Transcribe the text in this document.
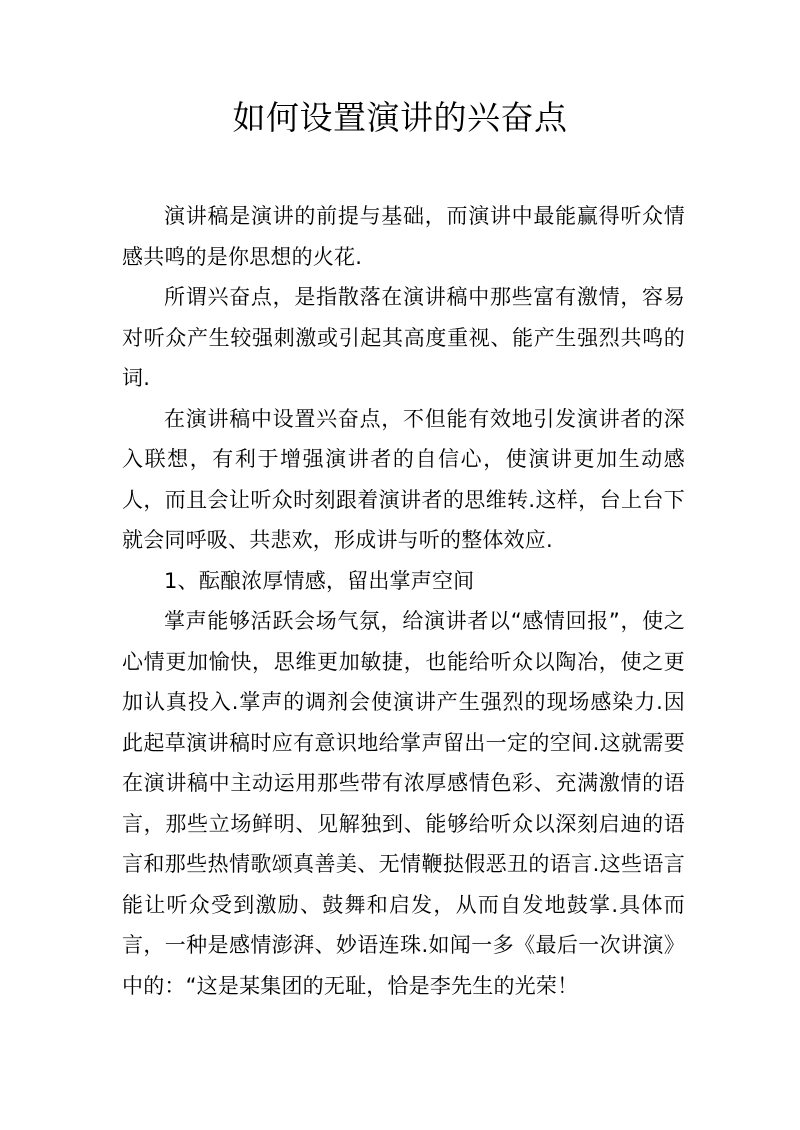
如何设置演讲的兴奋点

演讲稿是演讲的前提与基础，而演讲中最能赢得听众情感共鸣的是你思想的火花.

所谓兴奋点，是指散落在演讲稿中那些富有激情，容易对听众产生较强刺激或引起其高度重视、能产生强烈共鸣的词.

在演讲稿中设置兴奋点，不但能有效地引发演讲者的深入联想，有利于增强演讲者的自信心，使演讲更加生动感人，而且会让听众时刻跟着演讲者的思维转.这样，台上台下就会同呼吸、共悲欢，形成讲与听的整体效应.

1、酝酿浓厚情感，留出掌声空间

掌声能够活跃会场气氛，给演讲者以“感情回报”，使之心情更加愉快，思维更加敏捷，也能给听众以陶冶，使之更加认真投入.掌声的调剂会使演讲产生强烈的现场感染力.因此起草演讲稿时应有意识地给掌声留出一定的空间.这就需要在演讲稿中主动运用那些带有浓厚感情色彩、充满激情的语言，那些立场鲜明、见解独到、能够给听众以深刻启迪的语言和那些热情歌颂真善美、无情鞭挞假恶丑的语言.这些语言能让听众受到激励、鼓舞和启发，从而自发地鼓掌.具体而言，一种是感情澎湃、妙语连珠.如闻一多《最后一次讲演》中的：“这是某集团的无耻，恰是李先生的光荣！
